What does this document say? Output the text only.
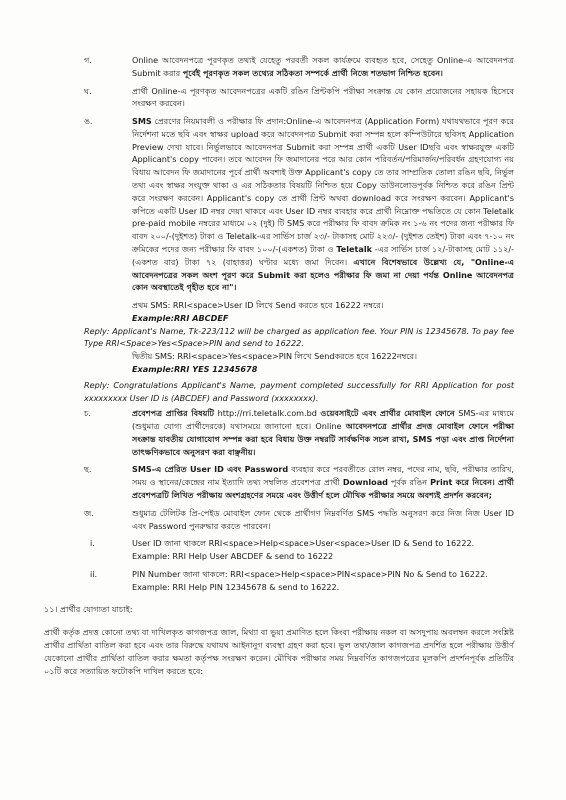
গ.	Online আবেদনপত্রে পূরণকৃত তথ্যই যেহেতু পরবর্তী সকল কার্যক্রমে ব্যবহৃত হবে, সেহেতু Online-এ আবেদনপত্র Submit করার পূর্বেই পূরণকৃত সকল তথ্যের সঠিকতা সম্পর্কে প্রার্থী নিজে শতভাগ নিশ্চিত হবেন।
ঘ.	প্রার্থী Online-এ পূরণকৃত আবেদনপত্রের একটি রঙিন প্রিন্টকপি পরীক্ষা সংক্রান্ত যে কোন প্রয়োজনের সহায়ক হিসেবে সংরক্ষণ করবেন।
ঙ.	SMS প্রেরণের নিয়মাবলী ও পরীক্ষার ফি প্রদান:Online-এ আবেদনপত্র (Application Form) যথাযথভাবে পূরণ করে নির্দেশনা মতে ছবি এবং স্বাক্ষর upload করে আবেদনপত্র Submit করা সম্পন্ন হলে কম্পিউটারে ছবিসহ Application Preview দেখা যাবে। নির্ভুলভাবে আবেদনপত্র Submit করা সম্পন্ন প্রার্থী একটি User IDছবি এবং স্বাক্ষরযুক্ত একটি Applicant's copy পাবেন। তবে আবেদন ফি জমাদানের পরে আর কোন পরিবর্তন/পরিমার্জন/পরিবর্ধন গ্রহণযোগ্য নয় বিধায় আবেদন ফি জমাদানের পূর্বে প্রার্থী অবশ্যই উক্ত Applicant's copy তে তার সাম্প্রতিক তোলা রঙিন ছবি, নির্ভুল তথ্য এবং স্বাক্ষর সংযুক্ত থাকা ও এর সঠিকতার বিষয়টি নিশ্চিত হয়ে Copy ডাউনলোডপূর্বক নিশ্চিত করে রঙিন প্রিন্ট করে সংরক্ষণ করবেন। Applicant's copy তে প্রার্থী প্রিন্ট অথবা download করে সংরক্ষণ করবেন। Applicant's কপিতে একটি User ID নম্বর দেয়া থাকবে এবং User ID নম্বর ব্যবহার করে প্রার্থী নিম্নোক্ত পদ্ধতিতে যে কোন Teletalk pre-paid mobile নম্বরের মাধ্যমে ০২ (দুই) টি SMS করে পরীক্ষার ফি বাবদ ক্রমিক নং ১-৬ নং পদের জন্য পরীক্ষার ফি বাবদ ২০০/-(দুইশত) টাকা ও Teletalk-এর সার্ভিস চার্জ ২৩/- টাকাসহ মোট ২২৩/- (দুইশত তেইশ) টাকা এবং ৭-১০ নং ক্রমিকের পদের জন্য পরীক্ষার ফি বাবদ ১০০/-(একশত) টাকা ও Teletalk -এর সার্ভিস চার্জ ১২/-টাকাসহ মোট ১১২/-(একশত বার) টাকা ৭২ (বাহাত্তর) ঘণ্টার মধ্যে জমা দিবেন। এখানে বিশেষভাবে উল্লেখ্য যে, "Online-এ আবেদনপত্রের সকল অংশ পূরণ করে Submit করা হলেও পরীক্ষার ফি জমা না দেয়া পর্যন্ত Online আবেদনপত্র কোন অবস্থাতেই গৃহীত হবে না"।
প্রথম SMS: RRI<space>User ID লিখে Send করতে হবে 16222 নম্বরে।
Example:RRI ABCDEF
Reply: Applicant's Name, Tk-223/112 will be charged as application fee. Your PIN is 12345678. To pay fee Type RRI<Space>Yes<Space>PIN and send to 16222.
দ্বিতীয় SMS: RRI<space>Yes<space>PIN লিখে Sendকরতে হবে 16222নম্বরে।
Example:RRI YES 12345678
Reply: Congratulations Applicant's Name, payment completed successfully for RRI Application for post xxxxxxxxx User ID is (ABCDEF) and Password (xxxxxxxx).
চ.	প্রবেশপত্র প্রাপ্তির বিষয়টি http://rri.teletalk.com.bd ওয়েবসাইটে এবং প্রার্থীর মোবাইল ফোনে SMS-এর মাধ্যমে (শুধুমাত্র যোগ্য প্রার্থীদেরকে) যথাসময়ে জানানো হবে। Online আবেদনপত্রে প্রার্থীর প্রদত্ত মোবাইল ফোনে পরীক্ষা সংক্রান্ত যাবতীয় যোগাযোগ সম্পন্ন করা হবে বিধায় উক্ত নম্বরটি সার্বক্ষণিক সচল রাখা, SMS পড়া এবং প্রাপ্ত নির্দেশনা তাৎক্ষণিকভাবে অনুসরণ করা বাঞ্ছনীয়।
ছ.	SMS-এ প্রেরিত User ID এবং Password ব্যবহার করে পরবর্তীতে রোল নম্বর, পদের নাম, ছবি, পরীক্ষার তারিখ, সময় ও স্থানের/কেন্দ্রের নাম ইত্যাদি তথ্য সম্বলিত প্রবেশপত্র প্রার্থী Download পূর্বক রঙিন Print করে নিবেন। প্রার্থী প্রবেশপত্রটি লিখিত পরীক্ষায় অংশগ্রহণের সময়ে এবং উত্তীর্ণ হলে মৌখিক পরীক্ষার সময়ে অবশ্যই প্রদর্শন করবেন;
জ.	শুধুমাত্র টেলিটক প্রি-পেইড মোবাইল ফোন থেকে প্রার্থীগণ নিম্নবর্ণিত SMS পদ্ধতি অনুসরণ করে নিজ নিজ User ID এবং Password পুনরুদ্ধার করতে পারবেন।
i.	User ID জানা থাকলে RRI<space>Help<space>User<space>User ID & Send to 16222.
Example: RRI Help User ABCDEF & send to 16222
ii.	PIN Number জানা থাকলে: RRI<space>Help<space>PIN<space>PIN No & Send to 16222.
Example: RRI Help PIN 12345678 & send to 16222.
১১। প্রার্থীর যোগ্যতা যাচাই:
প্রার্থী কর্তৃক প্রদত্ত কোনো তথ্য বা দাখিলকৃত কাগজপত্র জাল, মিথ্যা বা ভুয়া প্রমাণিত হলে কিংবা পরীক্ষায় নকল বা অসদুপায় অবলম্বন করলে সংশ্লিষ্ট প্রার্থীর প্রার্থিতা বাতিল করা হবে এবং তার বিরুদ্ধে যথাযথ আইনানুগ ব্যবস্থা গ্রহণ করা হবে। ভুল তথ্য/জাল কাগজপত্র প্রদর্শিত হলে পরীক্ষায় উত্তীর্ণ যেকোনো প্রার্থীর প্রার্থিতা বাতিল করার ক্ষমতা কর্তৃপক্ষ সংরক্ষণ করেন। মৌখিক পরীক্ষার সময় নিম্নবর্ণিত কাগজপত্রের মূলকপি প্রদর্শনপূর্বক প্রতিটির ০১টি করে সত্যায়িত ফটোকপি দাখিল করতে হবে:
